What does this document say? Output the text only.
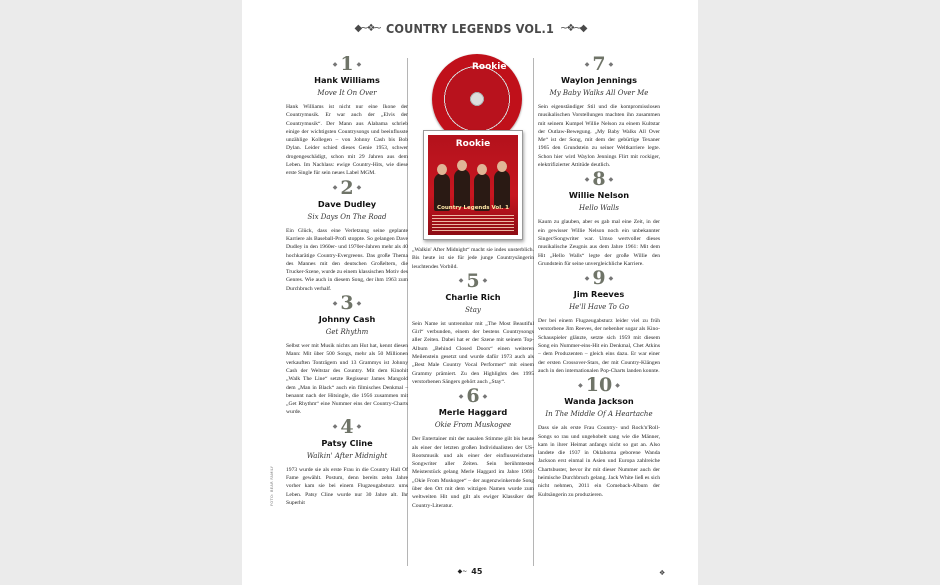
◆~❖~ COUNTRY LEGENDS VOL.1 ~❖~◆
◆ 1 ◆
Hank Williams
Move It On Over
Hank Williams ist nicht nur eine Ikone der Countrymusik. Er war auch der „Elvis der Countrymusik“. Der Mann aus Alabama schrieb einige der wichtigsten Countrysongs und beeinflusste unzählige Kollegen – von Johnny Cash bis Bob Dylan. Leider schied dieses Genie 1953, schwer drogengeschädigt, schon mit 29 Jahren aus dem Leben. Im Nachlass: ewige Country-Hits, wie diese erste Single für sein neues Label MGM.
◆ 2 ◆
Dave Dudley
Six Days On The Road
Ein Glück, dass eine Verletzung seine geplante Karriere als Baseball-Profi stoppte. So gelangen Dave Dudley in den 1960er- und 1970er-Jahren mehr als 40 hochkarätige Country-Evergreens. Das große Thema des Mannes mit den deutschen Großeltern, die Trucker-Szene, wurde zu einem klassischen Motiv des Genres. Wie auch in diesem Song, der ihm 1963 zum Durchbruch verhalf.
◆ 3 ◆
Johnny Cash
Get Rhythm
Selbst wer mit Musik nichts am Hut hat, kennt diesen Mann: Mit über 500 Songs, mehr als 50 Millionen verkauften Tonträgern und 13 Grammys ist Johnny Cash der Weltstar des Country. Mit dem Kinohit „Walk The Line“ setzte Regisseur James Mangold dem „Man in Black“ auch ein filmisches Denkmal – benannt nach der Hitsingle, die 1956 zusammen mit „Get Rhythm“ eine Nummer eins der Country-Charts wurde.
◆ 4 ◆
Patsy Cline
Walkin' After Midnight
1973 wurde sie als erste Frau in die Country Hall Of Fame gewählt. Postum, denn bereits zehn Jahre vorher kam sie bei einem Flugzeugabsturz ums Leben. Patsy Cline wurde nur 30 Jahre alt. Ihr Superhit
Rookie
Rookie
Country Legends Vol. 1
„Walkin' After Midnight“ macht sie indes unsterblich. Bis heute ist sie für jede junge Countrysängerin leuchtendes Vorbild.
◆ 5 ◆
Charlie Rich
Stay
Sein Name ist untrennbar mit „The Most Beautiful Girl“ verbunden, einem der bestens Countrysongs aller Zeiten. Dabei hat er der Szene mit seinem Top-Album „Behind Closed Doors“ einen weiteren Meilenstein gesetzt und wurde dafür 1973 auch als „Best Male Country Vocal Performer“ mit einem Grammy prämiert. Zu den Highlights des 1995 verstorbenen Sängers gehört auch „Stay“.
◆ 6 ◆
Merle Haggard
Okie From Muskogee
Der Entertainer mit der nasalen Stimme gilt bis heute als einer der letzten großen Individualisten der US-Rootsmusik und als einer der einflussreichsten Songwriter aller Zeiten. Sein berühmtestes Meisterstück gelang Merle Haggard im Jahre 1969: „Okie From Muskogee“ – der augenzwinkernde Song über den Ort mit dem witzigen Namen wurde zum weltweiten Hit und gilt als ewiger Klassiker der Country-Literatur.
◆ 7 ◆
Waylon Jennings
My Baby Walks All Over Me
Sein eigenständiger Stil und die kompromisslosen musikalischen Vorstellungen machten ihn zusammen mit seinem Kumpel Willie Nelson zu einem Kultstar der Outlaw-Bewegung. „My Baby Walks All Over Me“ ist der Song, mit dem der gebürtige Texaner 1965 den Grundstein zu seiner Weltkarriere legte. Schon hier wird Waylon Jennings Flirt mit rockiger, elektrifizierter Attitüde deutlich.
◆ 8 ◆
Willie Nelson
Hello Walls
Kaum zu glauben, aber es gab mal eine Zeit, in der ein gewisser Willie Nelson noch ein unbekannter Singer/Songwriter war. Umso wertvoller dieses musikalische Zeugnis aus dem Jahre 1961: Mit dem Hit „Hello Walls“ legte der große Willie den Grundstein für seine unvergleichliche Karriere.
◆ 9 ◆
Jim Reeves
He'll Have To Go
Der bei einem Flugzeugabsturz leider viel zu früh verstorbene Jim Reeves, der nebenher sogar als Kino-Schauspieler glänzte, setzte sich 1959 mit diesem Song ein Nummer-eins-Hit ein Denkmal, Chet Atkins – dem Produzenten – gleich eins dazu. Er war einer der ersten Crossover-Stars, der mit Country-Klängen auch in den internationalen Pop-Charts landen konnte.
◆ 10 ◆
Wanda Jackson
In The Middle Of A Heartache
Dass sie als erste Frau Country- und Rock'n'Roll-Songs so rau und ungehobelt sang wie die Männer, kam in ihrer Heimat anfangs nicht so gut an. Also landete die 1937 in Oklahoma geborene Wanda Jackson erst einmal in Asien und Europa zahlreiche Chartsbuster, bevor ihr mit dieser Nummer auch der heimische Durchbruch gelang. Jack White ließ es sich nicht nehmen, 2011 ein Comeback-Album der Kultsängerin zu produzieren.
FOTO: BEAR FAMILY
◆~ 45	❖
